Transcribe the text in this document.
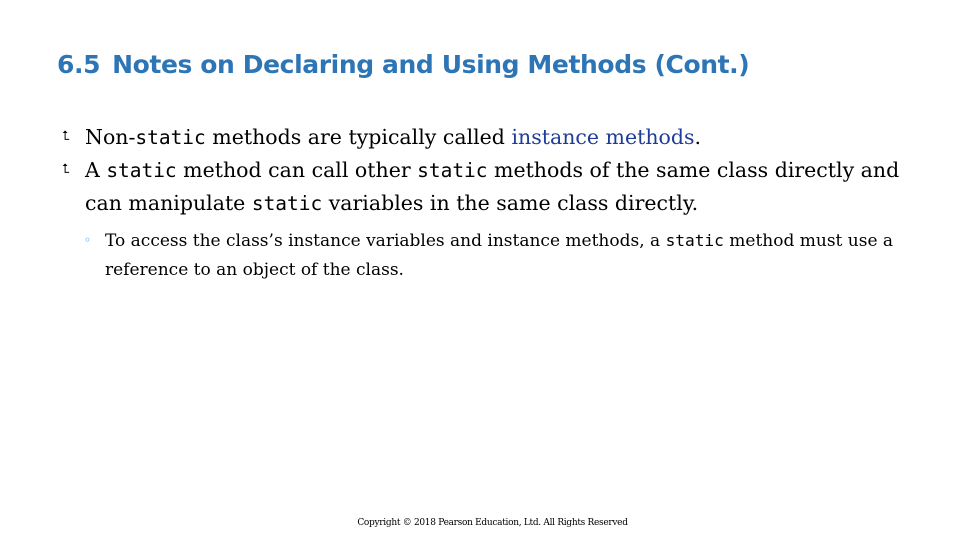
6.5 Notes on Declaring and Using Methods (Cont.)
⮤ Non-static methods are typically called instance methods.
⮤ A static method can call other static methods of the same class directly and can manipulate static variables in the same class directly.
◦ To access the class’s instance variables and instance methods, a static method must use a reference to an object of the class.
Copyright © 2018 Pearson Education, Ltd. All Rights Reserved
